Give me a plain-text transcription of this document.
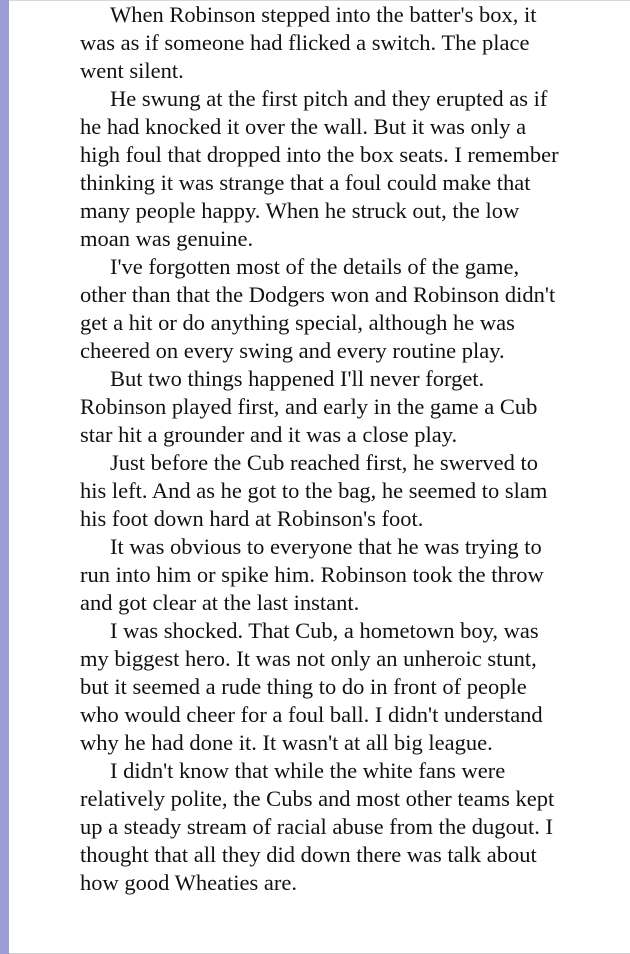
When Robinson stepped into the batter's box, it was as if someone had flicked a switch. The place went silent.

He swung at the first pitch and they erupted as if he had knocked it over the wall. But it was only a high foul that dropped into the box seats. I remember thinking it was strange that a foul could make that many people happy. When he struck out, the low moan was genuine.

I've forgotten most of the details of the game, other than that the Dodgers won and Robinson didn't get a hit or do anything special, although he was cheered on every swing and every routine play.

But two things happened I'll never forget. Robinson played first, and early in the game a Cub star hit a grounder and it was a close play.

Just before the Cub reached first, he swerved to his left. And as he got to the bag, he seemed to slam his foot down hard at Robinson's foot.

It was obvious to everyone that he was trying to run into him or spike him. Robinson took the throw and got clear at the last instant.

I was shocked. That Cub, a hometown boy, was my biggest hero. It was not only an unheroic stunt, but it seemed a rude thing to do in front of people who would cheer for a foul ball. I didn't understand why he had done it. It wasn't at all big league.

I didn't know that while the white fans were relatively polite, the Cubs and most other teams kept up a steady stream of racial abuse from the dugout. I thought that all they did down there was talk about how good Wheaties are.
